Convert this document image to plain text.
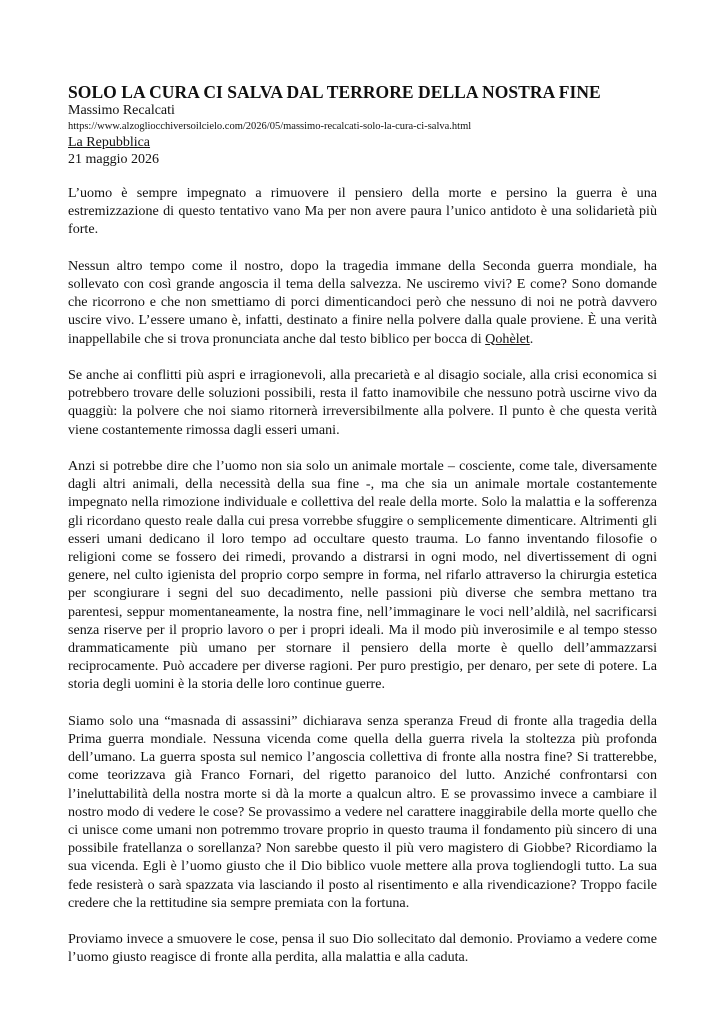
SOLO LA CURA CI SALVA DAL TERRORE DELLA NOSTRA FINE

Massimo Recalcati

https://www.alzogliocchiversoilcielo.com/2026/05/massimo-recalcati-solo-la-cura-ci-salva.html

La Repubblica

21 maggio 2026

L’uomo è sempre impegnato a rimuovere il pensiero della morte e persino la guerra è una estremizzazione di questo tentativo vano Ma per non avere paura l’unico antidoto è una solidarietà più forte.

Nessun altro tempo come il nostro, dopo la tragedia immane della Seconda guerra mondiale, ha sollevato con così grande angoscia il tema della salvezza. Ne usciremo vivi? E come? Sono domande che ricorrono e che non smettiamo di porci dimenticandoci però che nessuno di noi ne potrà davvero uscire vivo. L’essere umano è, infatti, destinato a finire nella polvere dalla quale proviene. È una verità inappellabile che si trova pronunciata anche dal testo biblico per bocca di Qohèlet.

Se anche ai conflitti più aspri e irragionevoli, alla precarietà e al disagio sociale, alla crisi economica si potrebbero trovare delle soluzioni possibili, resta il fatto inamovibile che nessuno potrà uscirne vivo da quaggiù: la polvere che noi siamo ritornerà irreversibilmente alla polvere. Il punto è che questa verità viene costantemente rimossa dagli esseri umani.

Anzi si potrebbe dire che l’uomo non sia solo un animale mortale – cosciente, come tale, diversamente dagli altri animali, della necessità della sua fine -, ma che sia un animale mortale costantemente impegnato nella rimozione individuale e collettiva del reale della morte. Solo la malattia e la sofferenza gli ricordano questo reale dalla cui presa vorrebbe sfuggire o semplicemente dimenticare. Altrimenti gli esseri umani dedicano il loro tempo ad occultare questo trauma. Lo fanno inventando filosofie o religioni come se fossero dei rimedi, provando a distrarsi in ogni modo, nel divertissement di ogni genere, nel culto igienista del proprio corpo sempre in forma, nel rifarlo attraverso la chirurgia estetica per scongiurare i segni del suo decadimento, nelle passioni più diverse che sembra mettano tra parentesi, seppur momentaneamente, la nostra fine, nell’immaginare le voci nell’aldilà, nel sacrificarsi senza riserve per il proprio lavoro o per i propri ideali. Ma il modo più inverosimile e al tempo stesso drammaticamente più umano per stornare il pensiero della morte è quello dell’ammazzarsi reciprocamente. Può accadere per diverse ragioni. Per puro prestigio, per denaro, per sete di potere. La storia degli uomini è la storia delle loro continue guerre.

Siamo solo una “masnada di assassini” dichiarava senza speranza Freud di fronte alla tragedia della Prima guerra mondiale. Nessuna vicenda come quella della guerra rivela la stoltezza più profonda dell’umano. La guerra sposta sul nemico l’angoscia collettiva di fronte alla nostra fine? Si tratterebbe, come teorizzava già Franco Fornari, del rigetto paranoico del lutto. Anziché confrontarsi con l’ineluttabilità della nostra morte si dà la morte a qualcun altro. E se provassimo invece a cambiare il nostro modo di vedere le cose? Se provassimo a vedere nel carattere inaggirabile della morte quello che ci unisce come umani non potremmo trovare proprio in questo trauma il fondamento più sincero di una possibile fratellanza o sorellanza? Non sarebbe questo il più vero magistero di Giobbe? Ricordiamo la sua vicenda. Egli è l’uomo giusto che il Dio biblico vuole mettere alla prova togliendogli tutto. La sua fede resisterà o sarà spazzata via lasciando il posto al risentimento e alla rivendicazione? Troppo facile credere che la rettitudine sia sempre premiata con la fortuna.

Proviamo invece a smuovere le cose, pensa il suo Dio sollecitato dal demonio. Proviamo a vedere come l’uomo giusto reagisce di fronte alla perdita, alla malattia e alla caduta.
